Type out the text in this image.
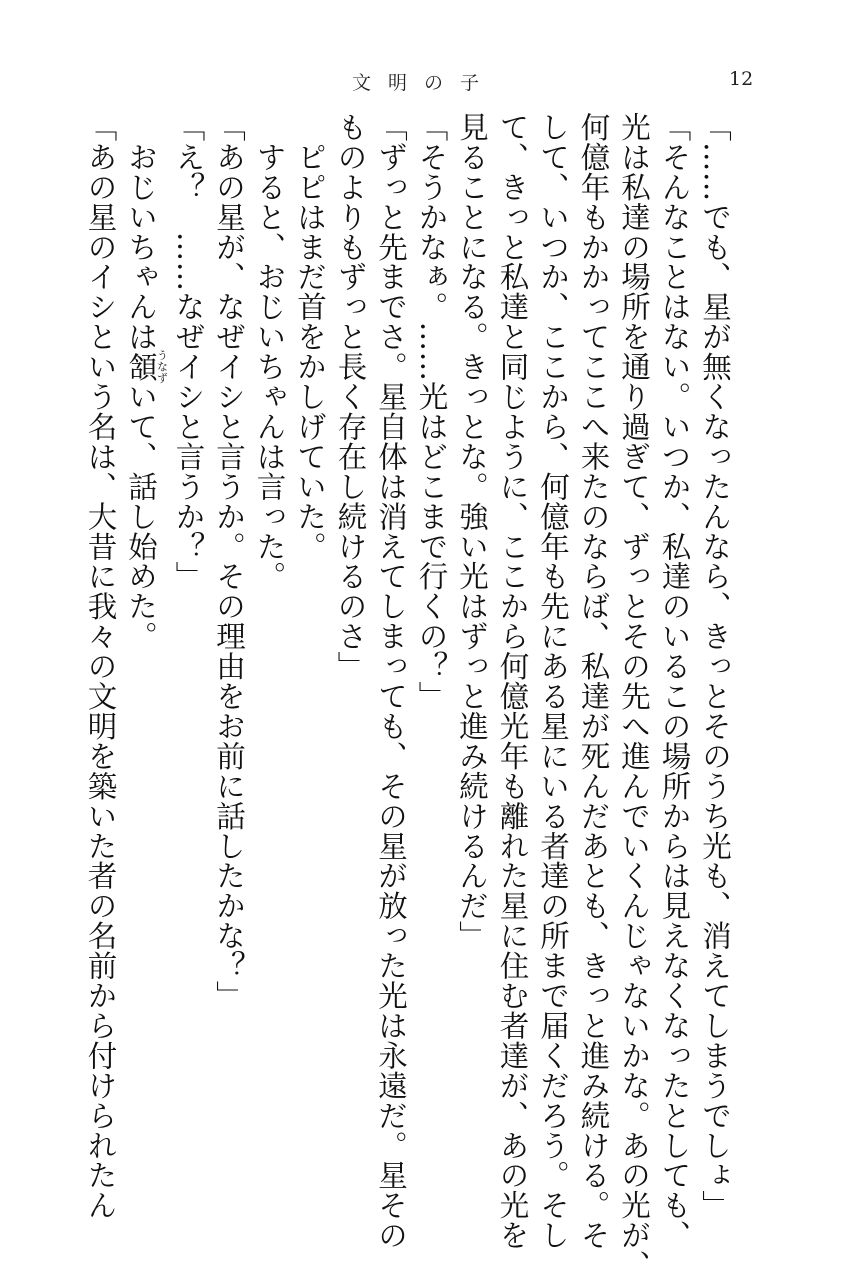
文明の子	12
「……でも、星が無くなったんなら、きっとそのうち光も、消えてしまうでしょ」
「そんなことはない。いつか、私達のいるこの場所からは見えなくなったとしても、
光は私達の場所を通り過ぎて、ずっとその先へ進んでいくんじゃないかな。あの光が、
何億年もかかってここへ来たのならば、私達が死んだあとも、きっと進み続ける。そ
して、いつか、ここから、何億年も先にある星にいる者達の所まで届くだろう。そし
て、きっと私達と同じように、ここから何億光年も離れた星に住む者達が、あの光を
見ることになる。きっとな。強い光はずっと進み続けるんだ」
「そうかなぁ。……光はどこまで行くの？」
「ずっと先までさ。星自体は消えてしまっても、その星が放った光は永遠だ。星その
ものよりもずっと長く存在し続けるのさ」
ピピはまだ首をかしげていた。
すると、おじいちゃんは言った。
「あの星が、なぜイシと言うか。その理由をお前に話したかな？」
「え？　……なぜイシと言うか？」
おじいちゃんは頷うなずいて、話し始めた。
「あの星のイシという名は、大昔に我々の文明を築いた者の名前から付けられたん
